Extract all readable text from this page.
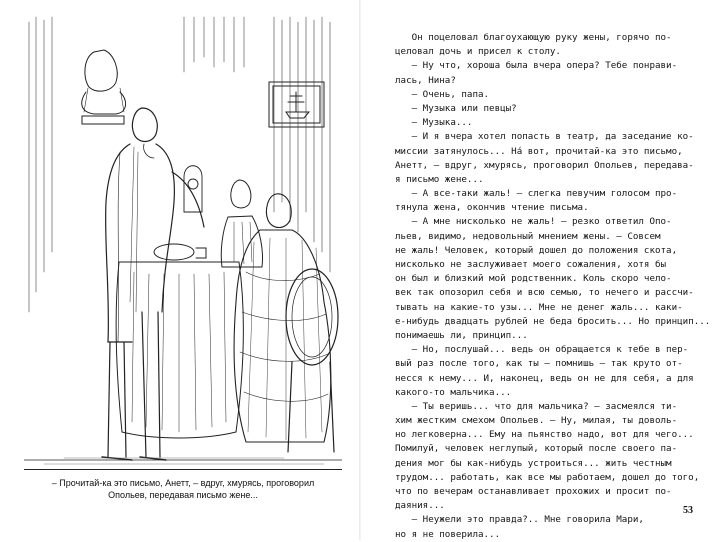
– Прочитай-ка это письмо, Анетт, – вдруг, хмурясь, проговорил
Опольев, передавая письмо жене...
Он поцеловал благоухающую руку жены, горячо по-
целовал дочь и присел к столу.
– Ну что, хороша была вчера опера? Тебе понрави-
лась, Нина?
– Очень, папа.
– Музыка или певцы?
– Музыка...
– И я вчера хотел попасть в театр, да заседание ко-
миссии затянулось... На́ вот, прочитай-ка это письмо,
Анетт, – вдруг, хмурясь, проговорил Опольев, передава-
я письмо жене...
– А все-таки жаль! – слегка певучим голосом про-
тянула жена, окончив чтение письма.
– А мне нисколько не жаль! – резко ответил Опо-
льев, видимо, недовольный мнением жены. – Совсем
не жаль! Человек, который дошел до положения скота,
нисколько не заслуживает моего сожаления, хотя бы
он был и близкий мой родственник. Коль скоро чело-
век так опозорил себя и всю семью, то нечего и рассчи-
тывать на какие-то узы... Мне не денег жаль... каки-
е-нибудь двадцать рублей не беда бросить... Но принцип...
понимаешь ли, принцип...
– Но, послушай... ведь он обращается к тебе в пер-
вый раз после того, как ты – помнишь – так круто от-
несся к нему... И, наконец, ведь он не для себя, а для
какого-то мальчика...
– Ты веришь... что для мальчика? – засмеялся ти-
хим жестким смехом Опольев. – Ну, милая, ты доволь-
но легковерна... Ему на пьянство надо, вот для чего...
Помилуй, человек неглупый, который после своего па-
дения мог бы как-нибудь устроиться... жить честным
трудом... работать, как все мы работаем, дошел до того,
что по вечерам останавливает прохожих и просит по-
даяния...
– Неужели это правда?.. Мне говорила Мари,
но я не поверила...
53
